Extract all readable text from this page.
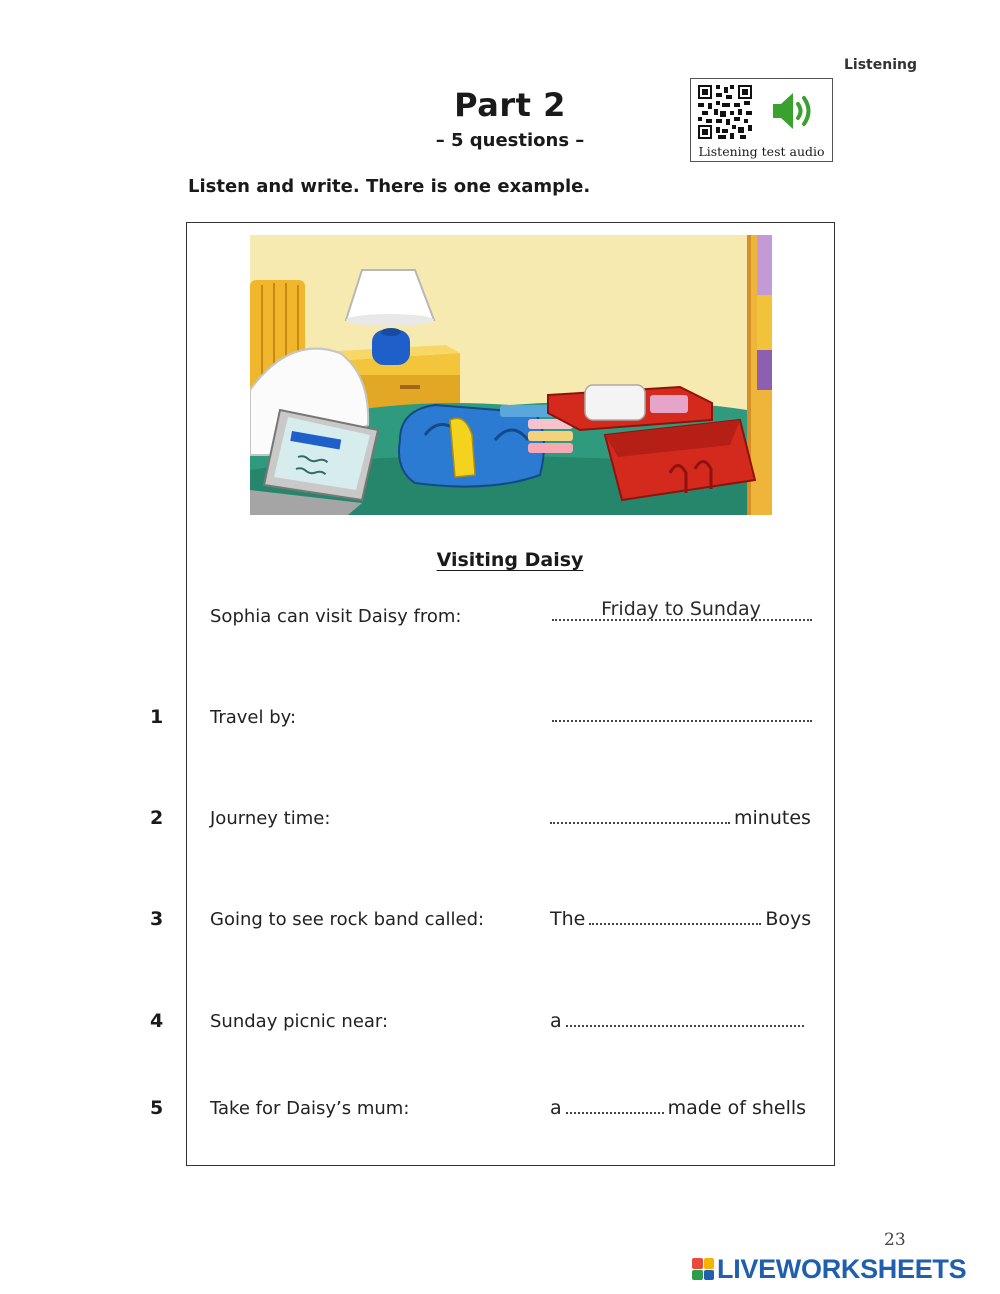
Listening
Part 2
– 5 questions –
Listening test audio
Listen and write. There is one example.
Visiting Daisy
Sophia can visit Daisy from:	Friday to Sunday
1	Travel by:
2	Journey time:	minutes
3	Going to see rock band called:	The	Boys
4	Sunday picnic near:	a
5	Take for Daisy’s mum:	a	made of shells
23
LIVEWORKSHEETS
